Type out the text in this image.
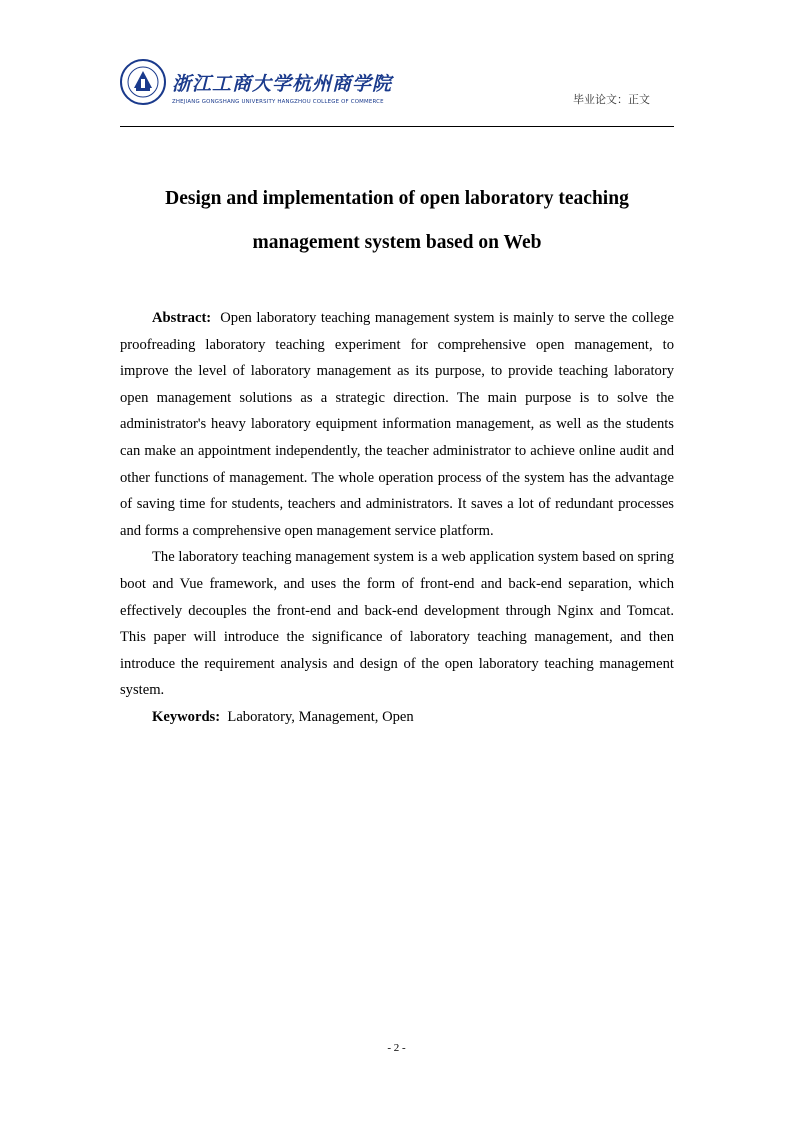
浙江工商大学杭州商学院
ZHEJIANG GONGSHANG UNIVERSITY HANGZHOU COLLEGE OF COMMERCE	毕业论文：正文
Design and implementation of open laboratory teaching
management system based on Web

Abstract: Open laboratory teaching management system is mainly to serve the college proofreading laboratory teaching experiment for comprehensive open management, to improve the level of laboratory management as its purpose, to provide teaching laboratory open management solutions as a strategic direction. The main purpose is to solve the administrator's heavy laboratory equipment information management, as well as the students can make an appointment independently, the teacher administrator to achieve online audit and other functions of management. The whole operation process of the system has the advantage of saving time for students, teachers and administrators. It saves a lot of redundant processes and forms a comprehensive open management service platform.

The laboratory teaching management system is a web application system based on spring boot and Vue framework, and uses the form of front-end and back-end separation, which effectively decouples the front-end and back-end development through Nginx and Tomcat. This paper will introduce the significance of laboratory teaching management, and then introduce the requirement analysis and design of the open laboratory teaching management system.

Keywords: Laboratory, Management, Open

- 2 -
